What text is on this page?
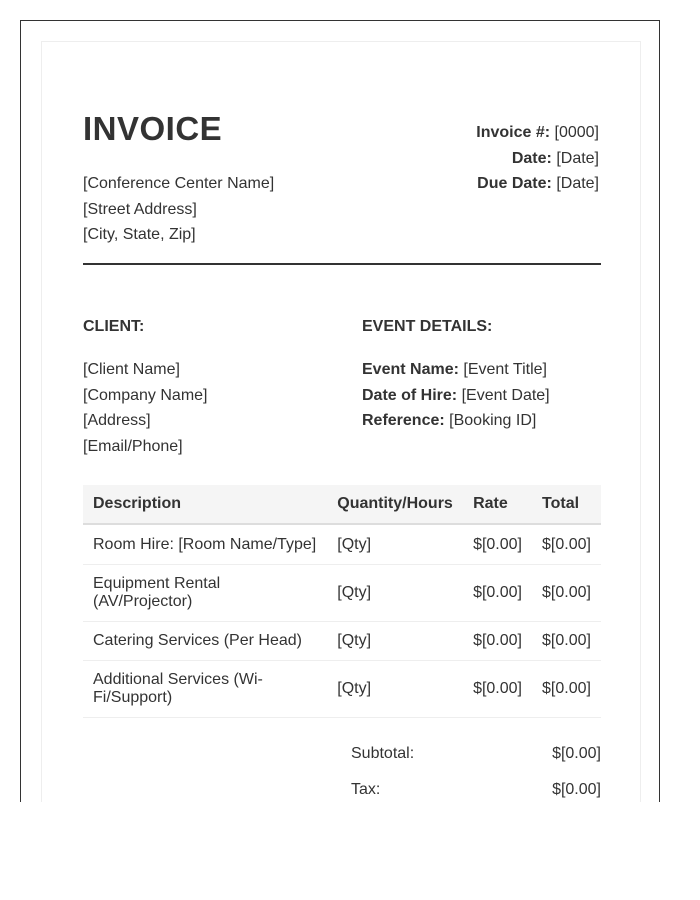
INVOICE
[Conference Center Name]
[Street Address]
[City, State, Zip]
Invoice #: [0000]
Date: [Date]
Due Date: [Date]
CLIENT:	EVENT DETAILS:
[Client Name]
[Company Name]
[Address]
[Email/Phone]
Event Name: [Event Title]
Date of Hire: [Event Date]
Reference: [Booking ID]
Description	Quantity/Hours	Rate	Total
Room Hire: [Room Name/Type]	[Qty]	$[0.00]	$[0.00]
Equipment Rental (AV/Projector)	[Qty]	$[0.00]	$[0.00]
Catering Services (Per Head)	[Qty]	$[0.00]	$[0.00]
Additional Services (Wi-Fi/Support)	[Qty]	$[0.00]	$[0.00]
Subtotal:	$[0.00]
Tax:	$[0.00]
